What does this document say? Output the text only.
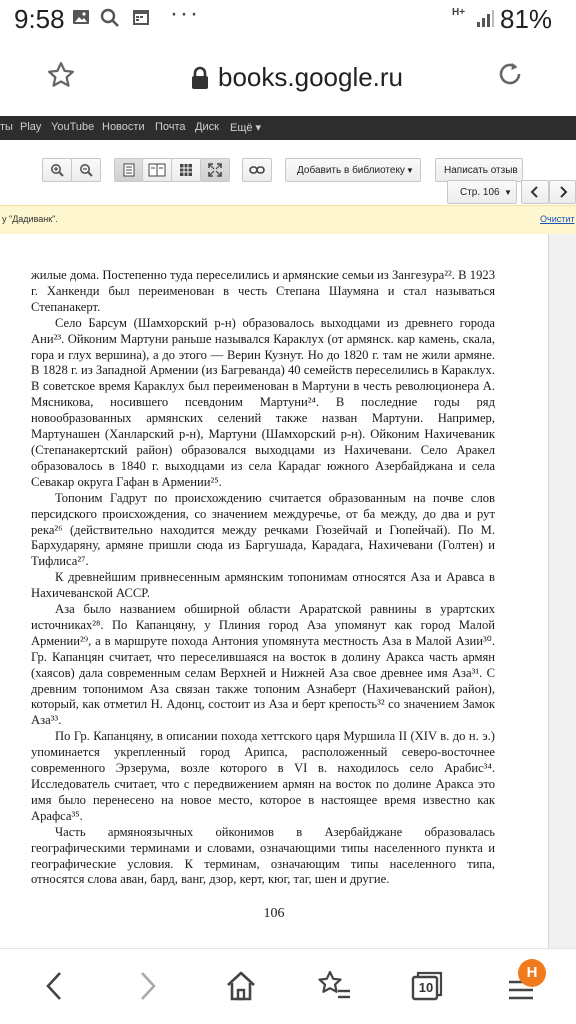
9:58	···	H+ 81%
books.google.ru
ты Play YouTube Новости Почта Диск Ещё ▾
Добавить в библиотеку ▼	Написать отзыв
Стр. 106 ▼
у "Дадиванк".	Очистит

жилые дома. Постепенно туда переселились и армянские семьи из Зангезура²². В 1923 г. Ханкенди был переименован в честь Степана Шаумяна и стал называться Степанакерт.

Село Барсум (Шамхорский р-н) образовалось выходцами из древнего города Ани²³. Ойконим Мартуни раньше назывался Караклух (от армянск. кар камень, скала, гора и глух вершина), а до этого — Верин Кузнут. Но до 1820 г. там не жили армяне. В 1828 г. из Западной Армении (из Багреванда) 40 семейств переселились в Караклух. В советское время Караклух был переименован в Мартуни в честь революционера А. Мясникова, носившего псевдоним Мартуни²⁴. В последние годы ряд новообразованных армянских селений также назван Мартуни. Например, Мартунашен (Ханларский р-н), Мартуни (Шамхорский р-н). Ойконим Нахичеваник (Степанакертский район) образовался выходцами из Нахичевани. Село Аракел образовалось в 1840 г. выходцами из села Карадаг южного Азербайджана и села Севакар округа Гафан в Армении²⁵.

Топоним Гадрут по происхождению считается образованным на почве слов персидского происхождения, со значением междуречье, от ба между, до два и рут река²⁶ (действительно находится между речками Гюзейчай и Гюпейчай). По М. Бархударяну, армяне пришли сюда из Баргушада, Карадага, Нахичевани (Голтен) и Тифлиса²⁷.

К древнейшим привнесенным армянским топонимам относятся Аза и Аравса в Нахичеванской АССР.

Аза было названием обширной области Араратской равнины в урартских источниках²⁸. По Капанцяну, у Плиния город Аза упомянут как город Малой Армении²⁹, а в маршруте похода Антония упомянута местность Аза в Малой Азии³⁰. Гр. Капанцян считает, что переселившаяся на восток в долину Аракса часть армян (хаясов) дала современным селам Верхней и Нижней Аза свое древнее имя Аза³¹. С древним топонимом Аза связан также топоним Азнаберт (Нахичеванский район), который, как отметил Н. Адонц, состоит из Аза и берт крепость³² со значением Замок Аза³³.

По Гр. Капанцяну, в описании похода хеттского царя Муршила II (XIV в. до н. э.) упоминается укрепленный город Арипса, расположенный северо-восточнее современного Эрзерума, возле которого в VI в. находилось село Арабис³⁴. Исследователь считает, что с передвижением армян на восток по долине Аракса это имя было перенесено на новое место, которое в настоящее время известно как Арафса³⁵.

Часть армяноязычных ойконимов в Азербайджане образовалась географическими терминами и словами, означающими типы населенного пункта и географические условия. К терминам, означающим типы населенного типа, относятся слова аван, бард, ванг, дзор, керт, кюг, таг, шен и другие.

106
10
H
